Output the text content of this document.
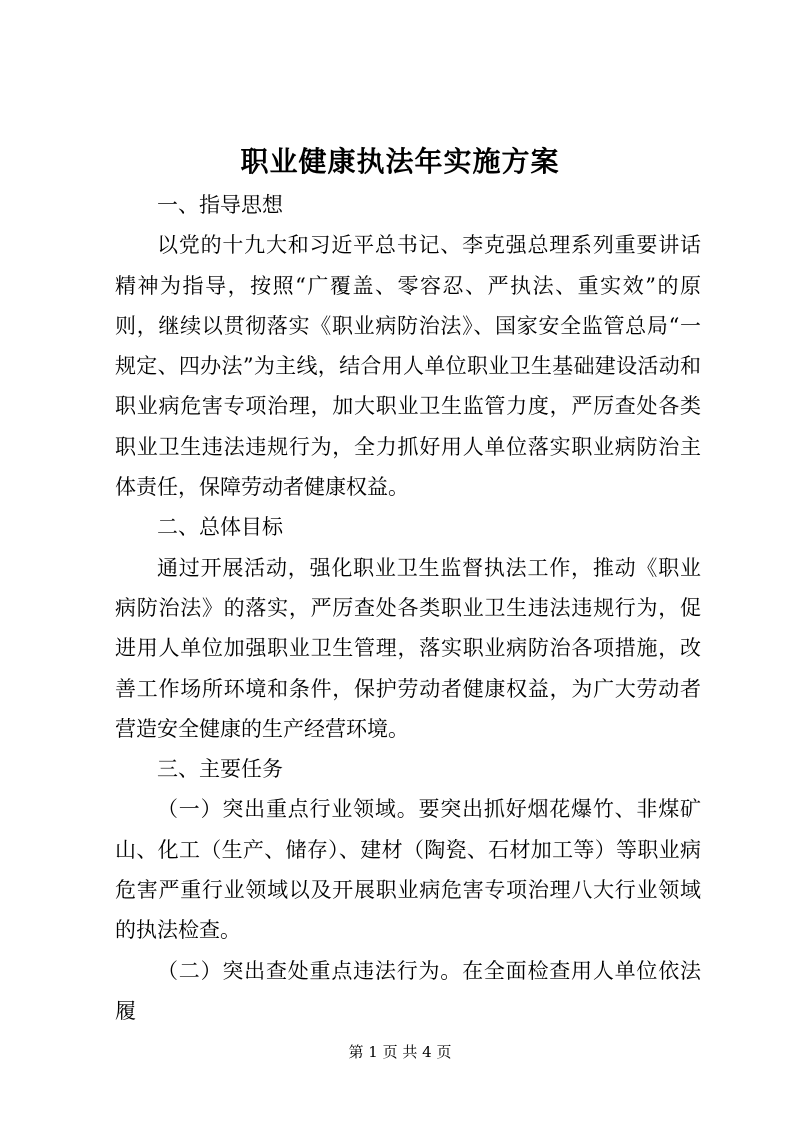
职业健康执法年实施方案

一、指导思想

以党的十九大和习近平总书记、李克强总理系列重要讲话精神为指导，按照“广覆盖、零容忍、严执法、重实效”的原则，继续以贯彻落实《职业病防治法》、国家安全监管总局“一规定、四办法”为主线，结合用人单位职业卫生基础建设活动和职业病危害专项治理，加大职业卫生监管力度，严厉查处各类职业卫生违法违规行为，全力抓好用人单位落实职业病防治主体责任，保障劳动者健康权益。

二、总体目标

通过开展活动，强化职业卫生监督执法工作，推动《职业病防治法》的落实，严厉查处各类职业卫生违法违规行为，促进用人单位加强职业卫生管理，落实职业病防治各项措施，改善工作场所环境和条件，保护劳动者健康权益，为广大劳动者营造安全健康的生产经营环境。

三、主要任务

（一）突出重点行业领域。要突出抓好烟花爆竹、非煤矿山、化工（生产、储存）、建材（陶瓷、石材加工等）等职业病危害严重行业领域以及开展职业病危害专项治理八大行业领域的执法检查。

（二）突出查处重点违法行为。在全面检查用人单位依法履

第 1 页 共 4 页
